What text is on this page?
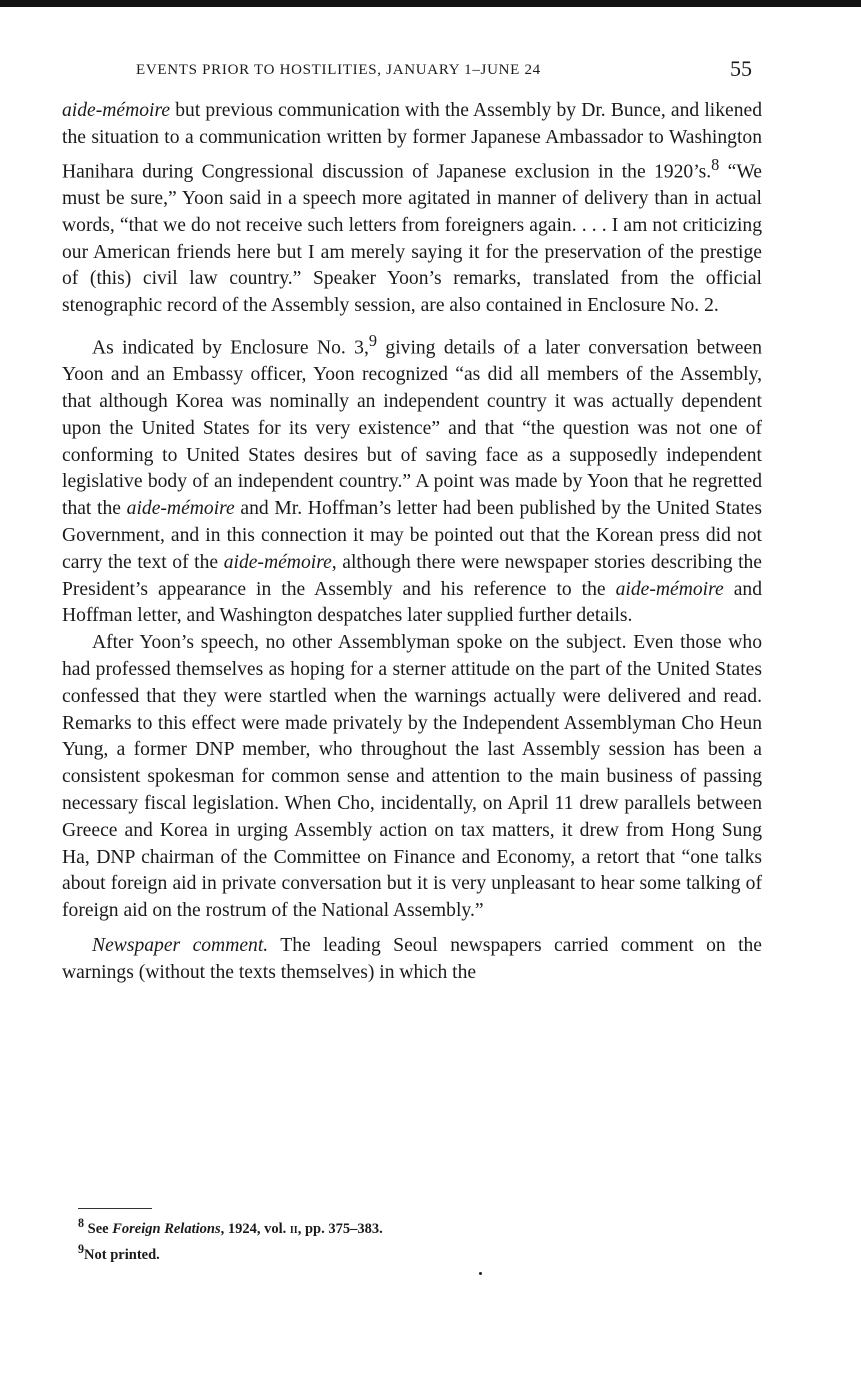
EVENTS PRIOR TO HOSTILITIES, JANUARY 1–JUNE 24	55

aide-mémoire but previous communication with the Assembly by Dr. Bunce, and likened the situation to a communication written by former Japanese Ambassador to Washington Hanihara during Congressional discussion of Japanese exclusion in the 1920’s.$^8$ “We must be sure,” Yoon said in a speech more agitated in manner of delivery than in actual words, “that we do not receive such letters from foreigners again. . . . I am not criticizing our American friends here but I am merely saying it for the preservation of the prestige of (this) civil law country.” Speaker Yoon’s remarks, translated from the official stenographic record of the Assembly session, are also contained in Enclosure No. 2.

As indicated by Enclosure No. 3,$^9$ giving details of a later conversation between Yoon and an Embassy officer, Yoon recognized “as did all members of the Assembly, that although Korea was nominally an independent country it was actually dependent upon the United States for its very existence” and that “the question was not one of conforming to United States desires but of saving face as a supposedly independent legislative body of an independent country.” A point was made by Yoon that he regretted that the aide-mémoire and Mr. Hoffman’s letter had been published by the United States Government, and in this connection it may be pointed out that the Korean press did not carry the text of the aide-mémoire, although there were newspaper stories describing the President’s appearance in the Assembly and his reference to the aide-mémoire and Hoffman letter, and Washington despatches later supplied further details.

After Yoon’s speech, no other Assemblyman spoke on the subject. Even those who had professed themselves as hoping for a sterner attitude on the part of the United States confessed that they were startled when the warnings actually were delivered and read. Remarks to this effect were made privately by the Independent Assemblyman Cho Heun Yung, a former DNP member, who throughout the last Assembly session has been a consistent spokesman for common sense and attention to the main business of passing necessary fiscal legislation. When Cho, incidentally, on April 11 drew parallels between Greece and Korea in urging Assembly action on tax matters, it drew from Hong Sung Ha, DNP chairman of the Committee on Finance and Economy, a retort that “one talks about foreign aid in private conversation but it is very unpleasant to hear some talking of foreign aid on the rostrum of the National Assembly.”

Newspaper comment. The leading Seoul newspapers carried comment on the warnings (without the texts themselves) in which the

$^8$ See Foreign Relations, 1924, vol. ii, pp. 375–383.

$^9$Not printed.
